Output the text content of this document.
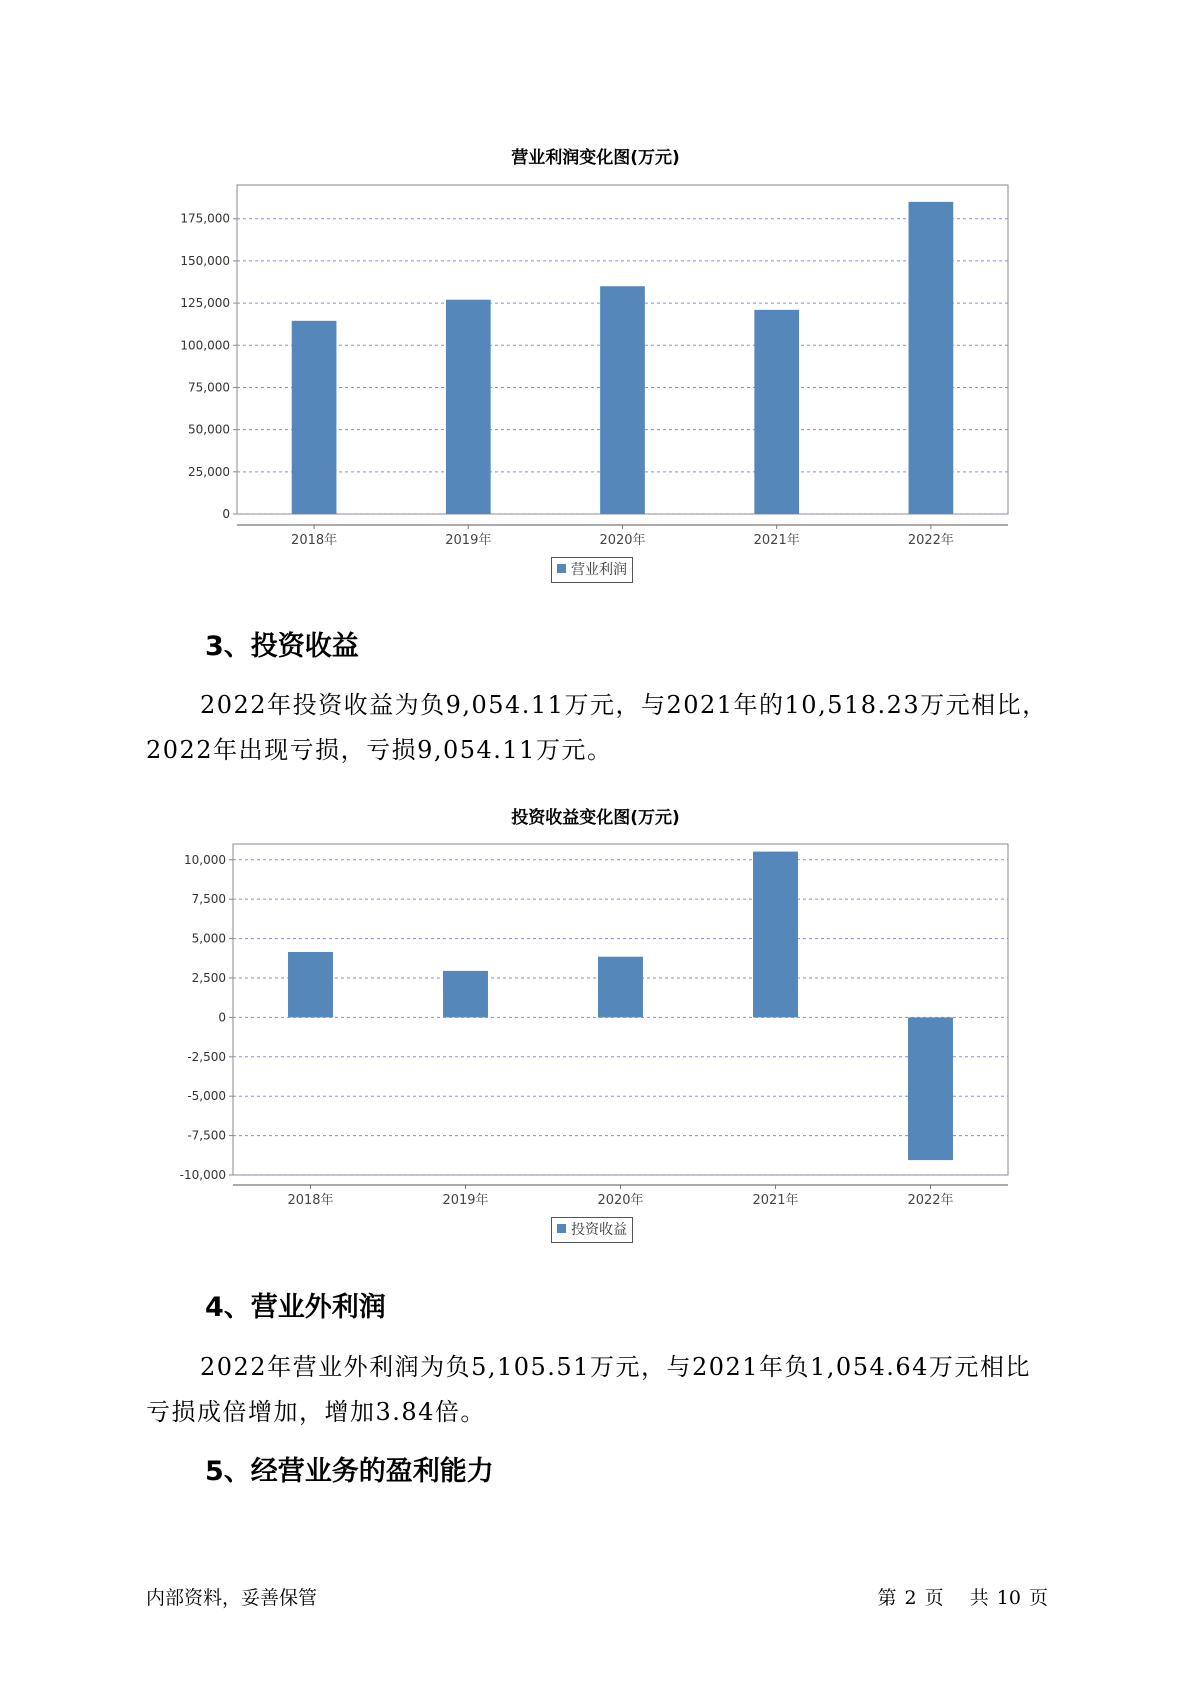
营业利润变化图(万元)
0
25,000
50,000
75,000
100,000
125,000
150,000
175,000
2018年	2019年	2020年	2021年	2022年
营业利润
3、投资收益

2022年投资收益为负9,054.11万元，与2021年的10,518.23万元相比，2022年出现亏损，亏损9,054.11万元。

投资收益变化图(万元)
-10,000
-7,500
-5,000
-2,500
0
2,500
5,000
7,500
10,000
2018年	2019年	2020年	2021年	2022年
投资收益
4、营业外利润

2022年营业外利润为负5,105.51万元，与2021年负1,054.64万元相比亏损成倍增加，增加3.84倍。

5、经营业务的盈利能力
内部资料，妥善保管	第 2 页 共 10 页
